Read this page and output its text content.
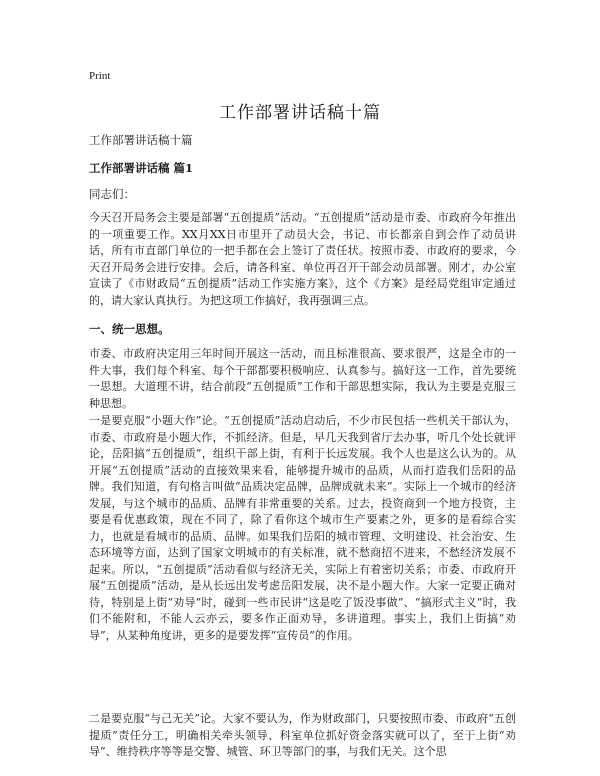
Print
工作部署讲话稿十篇
工作部署讲话稿十篇
工作部署讲话稿 篇1
同志们：
今天召开局务会主要是部署“五创提质”活动。“五创提质”活动是市委、市政府今年推出的一项重要工作。XX月XX日市里开了动员大会，书记、市长都亲自到会作了动员讲话，所有市直部门单位的一把手都在会上签订了责任状。按照市委、市政府的要求，今天召开局务会进行安排。会后，请各科室、单位再召开干部会动员部署。刚才，办公室宣读了《市财政局“五创提质”活动工作实施方案》，这个《方案》是经局党组审定通过的，请大家认真执行。为把这项工作搞好，我再强调三点。
一、统一思想。
市委、市政府决定用三年时间开展这一活动，而且标准很高、要求很严，这是全市的一件大事，我们每个科室、每个干部都要积极响应、认真参与。搞好这一工作，首先要统一思想。大道理不讲，结合前段“五创提质”工作和干部思想实际，我认为主要是克服三种思想。
一是要克服“小题大作”论。“五创提质”活动启动后，不少市民包括一些机关干部认为，市委、市政府是小题大作，不抓经济。但是，早几天我到省厅去办事，听几个处长就评论，岳阳搞“五创提质”，组织干部上街，有利于长远发展。我个人也是这么认为的。从开展“五创提质”活动的直接效果来看，能够提升城市的品质，从而打造我们岳阳的品牌。我们知道，有句格言叫做“品质决定品牌，品牌成就未来”。实际上一个城市的经济发展，与这个城市的品质、品牌有非常重要的关系。过去，投资商到一个地方投资，主要是看优惠政策，现在不同了，除了看你这个城市生产要素之外，更多的是看综合实力，也就是看城市的品质、品牌。如果我们岳阳的城市管理、文明建设、社会治安、生态环境等方面，达到了国家文明城市的有关标准，就不愁商招不进来，不愁经济发展不起来。所以，“五创提质”活动看似与经济无关，实际上有着密切关系；市委、市政府开展“五创提质”活动，是从长远出发考虑岳阳发展，决不是小题大作。大家一定要正确对待，特别是上街“劝导”时，碰到一些市民讲“这是吃了饭没事做”、“搞形式主义”时，我们不能附和，不能人云亦云，要多作正面劝导，多讲道理。事实上，我们上街搞“劝导”，从某种角度讲，更多的是要发挥“宣传员”的作用。
二是要克服“与己无关”论。大家不要认为，作为财政部门，只要按照市委、市政府“五创提质”责任分工，明确相关牵头领导、科室单位抓好资金落实就可以了，至于上街“劝导”、维持秩序等等是交警、城管、环卫等部门的事，与我们无关。这个思
